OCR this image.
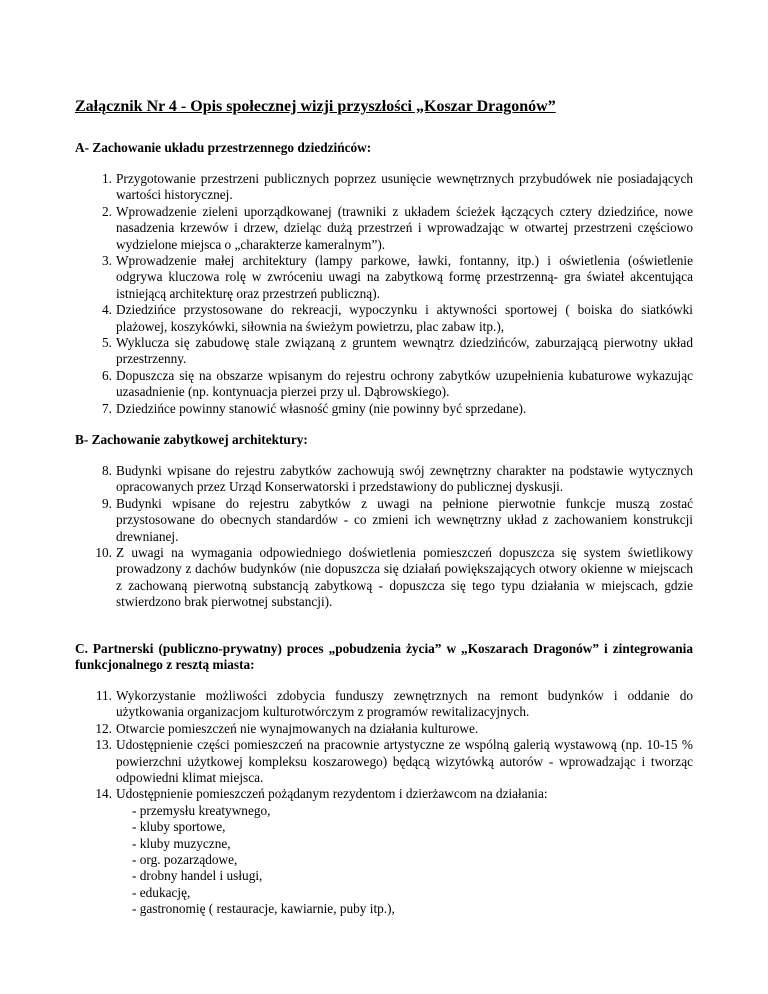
Załącznik Nr 4 - Opis społecznej wizji przyszłości „Koszar Dragonów”
A- Zachowanie układu przestrzennego dziedzińców:
1. Przygotowanie przestrzeni publicznych poprzez usunięcie wewnętrznych przybudówek nie posiadających wartości historycznej.
2. Wprowadzenie zieleni uporządkowanej (trawniki z układem ścieżek łączących cztery dziedzińce, nowe nasadzenia krzewów i drzew, dzieląc dużą przestrzeń i wprowadzając w otwartej przestrzeni częściowo wydzielone miejsca o „charakterze kameralnym”).
3. Wprowadzenie małej architektury (lampy parkowe, ławki, fontanny, itp.) i oświetlenia (oświetlenie odgrywa kluczowa rolę w zwróceniu uwagi na zabytkową formę przestrzenną- gra świateł akcentująca istniejącą architekturę oraz przestrzeń publiczną).
4. Dziedzińce przystosowane do rekreacji, wypoczynku i aktywności sportowej ( boiska do siatkówki plażowej, koszykówki, siłownia na świeżym powietrzu, plac zabaw itp.),
5. Wyklucza się zabudowę stale związaną z gruntem wewnątrz dziedzińców, zaburzającą pierwotny układ przestrzenny.
6. Dopuszcza się na obszarze wpisanym do rejestru ochrony zabytków uzupełnienia kubaturowe wykazując uzasadnienie (np. kontynuacja pierzei przy ul. Dąbrowskiego).
7. Dziedzińce powinny stanowić własność gminy (nie powinny być sprzedane).
B- Zachowanie zabytkowej architektury:
8. Budynki wpisane do rejestru zabytków zachowują swój zewnętrzny charakter na podstawie wytycznych opracowanych przez Urząd Konserwatorski i przedstawiony do publicznej dyskusji.
9. Budynki wpisane do rejestru zabytków z uwagi na pełnione pierwotnie funkcje muszą zostać przystosowane do obecnych standardów - co zmieni ich wewnętrzny układ z zachowaniem konstrukcji drewnianej.
10. Z uwagi na wymagania odpowiedniego doświetlenia pomieszczeń dopuszcza się system świetlikowy prowadzony z dachów budynków (nie dopuszcza się działań powiększających otwory okienne w miejscach z zachowaną pierwotną substancją zabytkową - dopuszcza się tego typu działania w miejscach, gdzie stwierdzono brak pierwotnej substancji).
C. Partnerski (publiczno-prywatny) proces „pobudzenia życia” w „Koszarach Dragonów” i zintegrowania funkcjonalnego z resztą miasta:
11. Wykorzystanie możliwości zdobycia funduszy zewnętrznych na remont budynków i oddanie do użytkowania organizacjom kulturotwórczym z programów rewitalizacyjnych.
12. Otwarcie pomieszczeń nie wynajmowanych na działania kulturowe.
13. Udostępnienie części pomieszczeń na pracownie artystyczne ze wspólną galerią wystawową (np. 10-15 % powierzchni użytkowej kompleksu koszarowego) będącą wizytówką autorów - wprowadzając i tworząc odpowiedni klimat miejsca.
14. Udostępnienie pomieszczeń pożądanym rezydentom i dzierżawcom na działania:
- przemysłu kreatywnego,
- kluby sportowe,
- kluby muzyczne,
- org. pozarządowe,
- drobny handel i usługi,
- edukację,
- gastronomię ( restauracje, kawiarnie, puby itp.),
